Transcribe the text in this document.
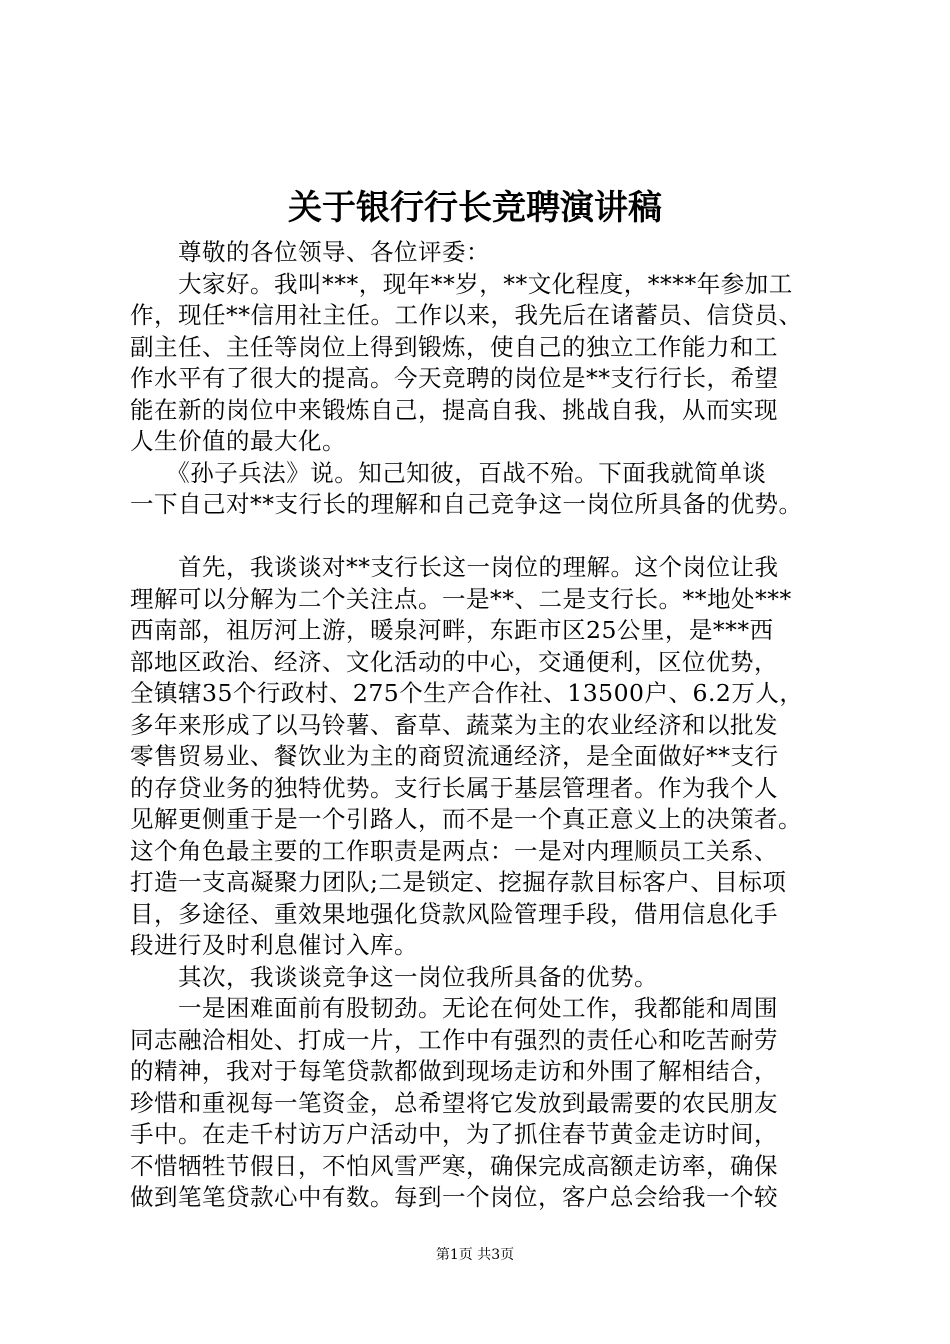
关于银行行长竞聘演讲稿
　　尊敬的各位领导、各位评委：
　　大家好。我叫***，现年**岁，**文化程度，****年参加工
作，现任**信用社主任。工作以来，我先后在诸蓄员、信贷员、
副主任、主任等岗位上得到锻炼，使自己的独立工作能力和工
作水平有了很大的提高。今天竞聘的岗位是**支行行长，希望
能在新的岗位中来锻炼自己，提高自我、挑战自我，从而实现
人生价值的最大化。
　　《孙子兵法》说。知己知彼，百战不殆。下面我就简单谈
一下自己对**支行长的理解和自己竞争这一岗位所具备的优势。
　　首先，我谈谈对**支行长这一岗位的理解。这个岗位让我
理解可以分解为二个关注点。一是**、二是支行长。**地处***
西南部，祖厉河上游，暖泉河畔，东距市区25公里，是***西
部地区政治、经济、文化活动的中心，交通便利，区位优势，
全镇辖35个行政村、275个生产合作社、13500户、6.2万人，
多年来形成了以马铃薯、畜草、蔬菜为主的农业经济和以批发
零售贸易业、餐饮业为主的商贸流通经济，是全面做好**支行
的存贷业务的独特优势。支行长属于基层管理者。作为我个人
见解更侧重于是一个引路人，而不是一个真正意义上的决策者。
这个角色最主要的工作职责是两点：一是对内理顺员工关系、
打造一支高凝聚力团队;二是锁定、挖掘存款目标客户、目标项
目，多途径、重效果地强化贷款风险管理手段，借用信息化手
段进行及时利息催讨入库。
　　其次，我谈谈竞争这一岗位我所具备的优势。
　　一是困难面前有股韧劲。无论在何处工作，我都能和周围
同志融洽相处、打成一片，工作中有强烈的责任心和吃苦耐劳
的精神，我对于每笔贷款都做到现场走访和外围了解相结合，
珍惜和重视每一笔资金，总希望将它发放到最需要的农民朋友
手中。在走千村访万户活动中，为了抓住春节黄金走访时间，
不惜牺牲节假日，不怕风雪严寒，确保完成高额走访率，确保
做到笔笔贷款心中有数。每到一个岗位，客户总会给我一个较
第1页 共3页
